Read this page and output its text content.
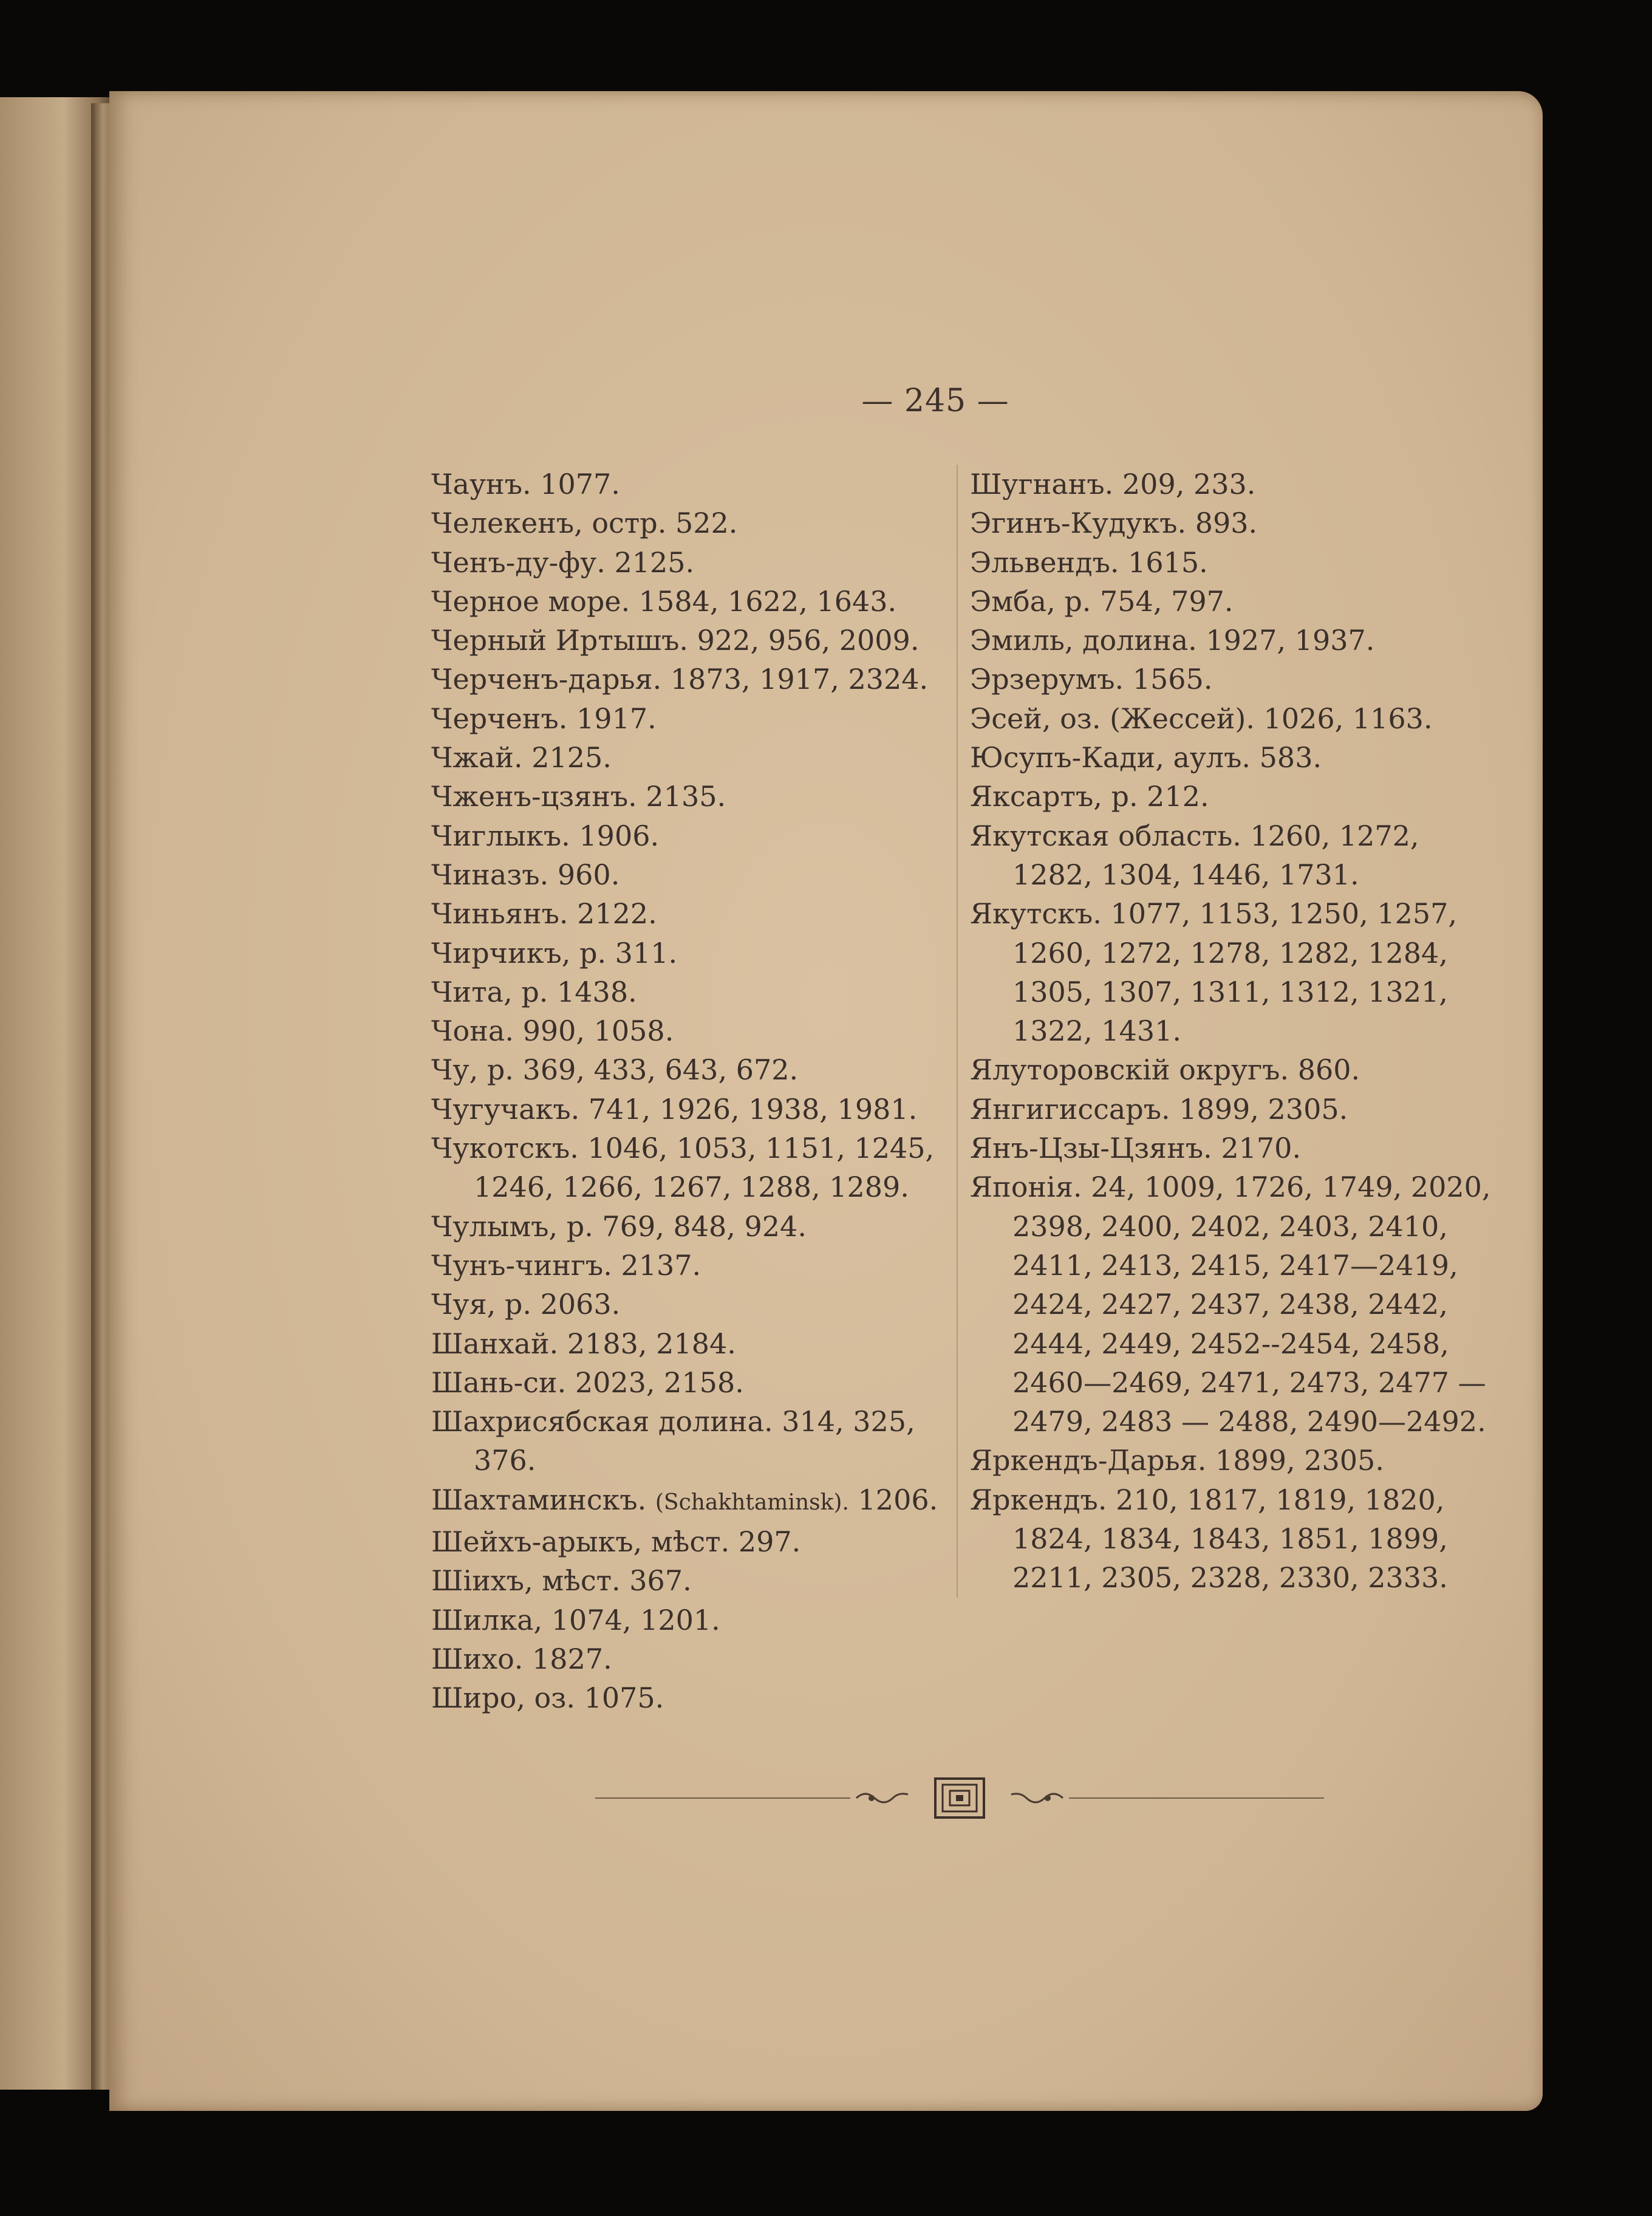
— 245 —
Чаунъ. 1077.
Челекенъ, остр. 522.
Ченъ-ду-фу. 2125.
Черное море. 1584, 1622, 1643.
Черный Иртышъ. 922, 956, 2009.
Черченъ-дарья. 1873, 1917, 2324.
Черченъ. 1917.
Чжай. 2125.
Чженъ-цзянъ. 2135.
Чиглыкъ. 1906.
Чиназъ. 960.
Чиньянъ. 2122.
Чирчикъ, р. 311.
Чита, р. 1438.
Чона. 990, 1058.
Чу, р. 369, 433, 643, 672.
Чугучакъ. 741, 1926, 1938, 1981.
Чукотскъ. 1046, 1053, 1151, 1245, 1246, 1266, 1267, 1288, 1289.
Чулымъ, р. 769, 848, 924.
Чунъ-чингъ. 2137.
Чуя, р. 2063.
Шанхай. 2183, 2184.
Шань-си. 2023, 2158.
Шахрисябская долина. 314, 325, 376.
Шахтаминскъ. (Schakhtaminsk). 1206.
Шейхъ-арыкъ, мѣст. 297.
Шіихъ, мѣст. 367.
Шилка, 1074, 1201.
Шихо. 1827.
Широ, оз. 1075.
Шугнанъ. 209, 233.
Эгинъ-Кудукъ. 893.
Эльвендъ. 1615.
Эмба, р. 754, 797.
Эмиль, долина. 1927, 1937.
Эрзерумъ. 1565.
Эсей, оз. (Жессей). 1026, 1163.
Юсупъ-Кади, аулъ. 583.
Яксартъ, р. 212.
Якутская область. 1260, 1272, 1282, 1304, 1446, 1731.
Якутскъ. 1077, 1153, 1250, 1257, 1260, 1272, 1278, 1282, 1284, 1305, 1307, 1311, 1312, 1321, 1322, 1431.
Ялуторовскій округъ. 860.
Янгигиссаръ. 1899, 2305.
Янъ-Цзы-Цзянъ. 2170.
Японія. 24, 1009, 1726, 1749, 2020, 2398, 2400, 2402, 2403, 2410, 2411, 2413, 2415, 2417—2419, 2424, 2427, 2437, 2438, 2442, 2444, 2449, 2452--2454, 2458, 2460—2469, 2471, 2473, 2477 — 2479, 2483 — 2488, 2490—2492.
Яркендъ-Дарья. 1899, 2305.
Яркендъ. 210, 1817, 1819, 1820, 1824, 1834, 1843, 1851, 1899, 2211, 2305, 2328, 2330, 2333.
